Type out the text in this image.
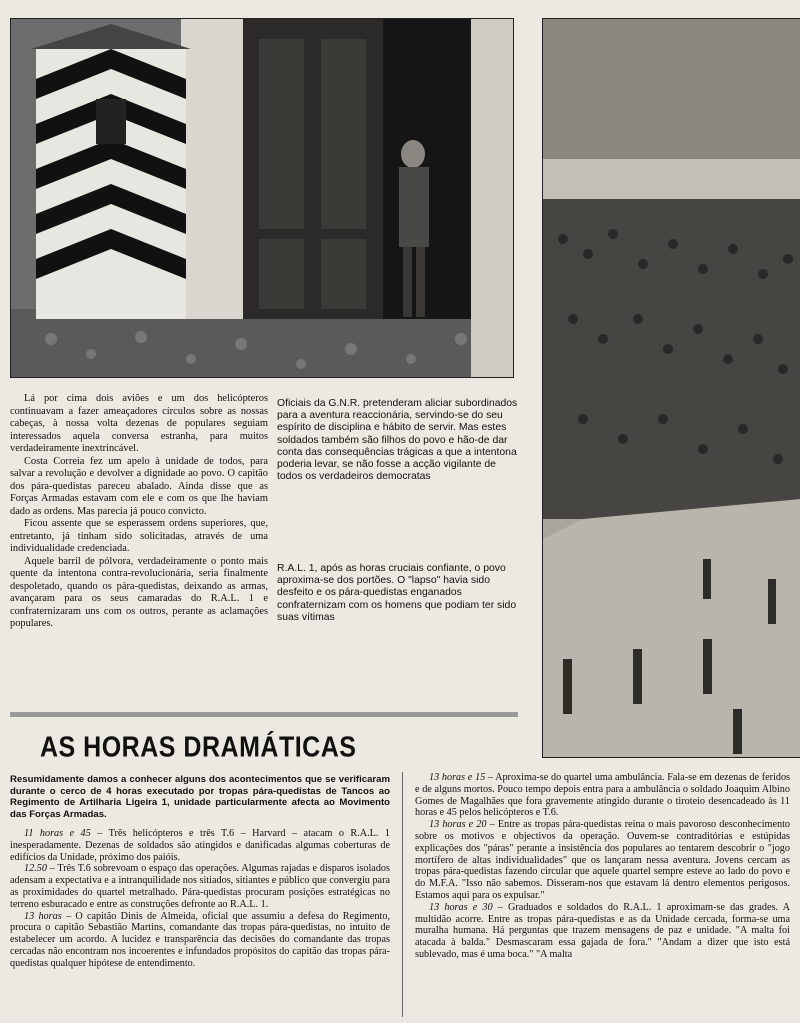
Lá por cima dois aviões e um dos helicópteros continuavam a fazer ameaçadores círculos sobre as nossas cabeças, à nossa volta dezenas de populares seguiam interessados aquela conversa estranha, para muitos verdadeiramente inextrincável.

Costa Correia fez um apelo à unidade de todos, para salvar a revolução e devolver a dignidade ao povo. O capitão dos pára-quedistas pareceu abalado. Ainda disse que as Forças Armadas estavam com ele e com os que lhe haviam dado as ordens. Mas parecia já pouco convicto.

Ficou assente que se esperassem ordens superiores, que, entretanto, já tinham sido solicitadas, através de uma individualidade credenciada.

Aquele barril de pólvora, verdadeiramente o ponto mais quente da intentona contra-revolucionária, seria finalmente despoletado, quando os pára-quedistas, deixando as armas, avançaram para os seus camaradas do R.A.L. 1 e confraternizaram uns com os outros, perante as aclamações populares.

Oficiais da G.N.R. pretenderam aliciar subordinados para a aventura reaccionária, servindo-se do seu espírito de disciplina e hábito de servir. Mas estes soldados também são filhos do povo e hão-de dar conta das consequências trágicas a que a intentona poderia levar, se não fosse a acção vigilante de todos os verdadeiros democratas
R.A.L. 1, após as horas cruciais confiante, o povo aproxima-se dos portões. O "lapso" havia sido desfeito e os pára-quedistas enganados confraternizam com os homens que podiam ter sido suas vítimas
AS HORAS DRAMÁTICAS
Resumidamente damos a conhecer alguns dos acontecimentos que se verificaram durante o cerco de 4 horas executado por tropas pára-quedistas de Tancos ao Regimento de Artilharia Ligeira 1, unidade particularmente afecta ao Movimento das Forças Armadas.

11 horas e 45 – Três helicópteros e três T.6 – Harvard – atacam o R.A.L. 1 inesperadamente. Dezenas de soldados são atingidos e danificadas algumas coberturas de edifícios da Unidade, próximo dos paióis.

12.50 – Três T.6 sobrevoam o espaço das operações. Algumas rajadas e disparos isolados adensam a expectativa e a intranquilidade nos sitiados, sitiantes e público que convergiu para as proximidades do quartel metralhado. Pára-quedistas procuram posições estratégicas no terreno esburacado e entre as construções defronte ao R.A.L. 1.

13 horas – O capitão Dinis de Almeida, oficial que assumiu a defesa do Regimento, procura o capitão Sebastião Martins, comandante das tropas pára-quedistas, no intuito de estabelecer um acordo. A lucidez e transparência das decisões do comandante das tropas cercadas não encontram nos incoerentes e infundados propósitos do capitão das tropas pára-quedistas qualquer hipótese de entendimento.

13 horas e 15 – Aproxima-se do quartel uma ambulância. Fala-se em dezenas de feridos e de alguns mortos. Pouco tempo depois entra para a ambulância o soldado Joaquim Albino Gomes de Magalhães que fora gravemente atingido durante o tiroteio desencadeado às 11 horas e 45 pelos helicópteros e T.6.

13 horas e 20 – Entre as tropas pára-quedistas reina o mais pavoroso desconhecimento sobre os motivos e objectivos da operação. Ouvem-se contraditórias e estúpidas explicações dos "páras" perante a insistência dos populares ao tentarem descobrir o "jogo mortífero de altas individualidades" que os lançaram nessa aventura. Jovens cercam as tropas pára-quedistas fazendo circular que aquele quartel sempre esteve ao lado do povo e do M.F.A. "Isso não sabemos. Disseram-nos que estavam lá dentro elementos perigosos. Estamos aqui para os expulsar."

13 horas e 30 – Graduados e soldados do R.A.L. 1 aproximam-se das grades. A multidão acorre. Entre as tropas pára-quedistas e as da Unidade cercada, forma-se uma muralha humana. Há perguntas que trazem mensagens de paz e unidade. "A malta foi atacada à balda." Desmascaram essa gajada de fora." "Andam a dizer que isto está sublevado, mas é uma boca." "A malta
